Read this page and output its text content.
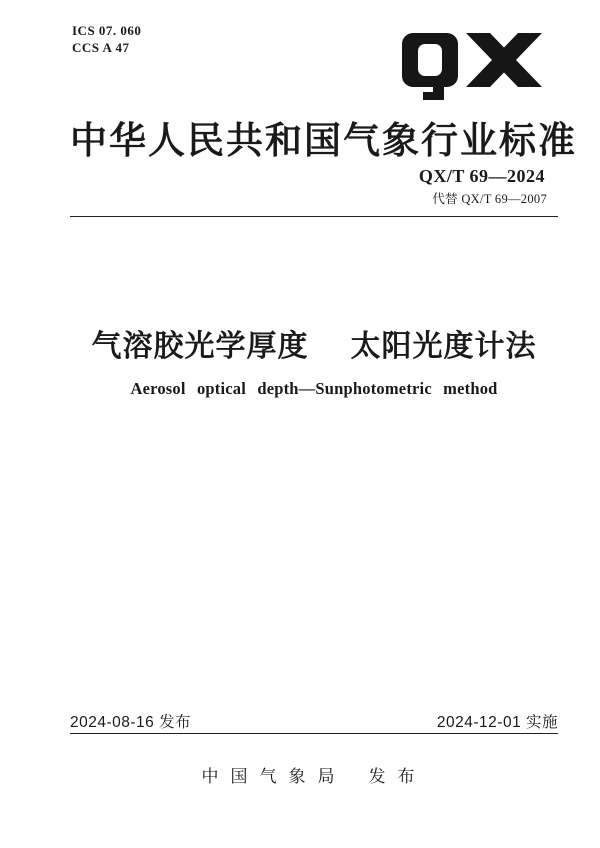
ICS 07. 060
CCS A 47
中华人民共和国气象行业标准
QX/T 69—2024
代替 QX/T 69—2007
气溶胶光学厚度 太阳光度计法
Aerosol optical depth—Sunphotometric method
2024-08-16 发布	2024-12-01 实施
中国气象局 发布
